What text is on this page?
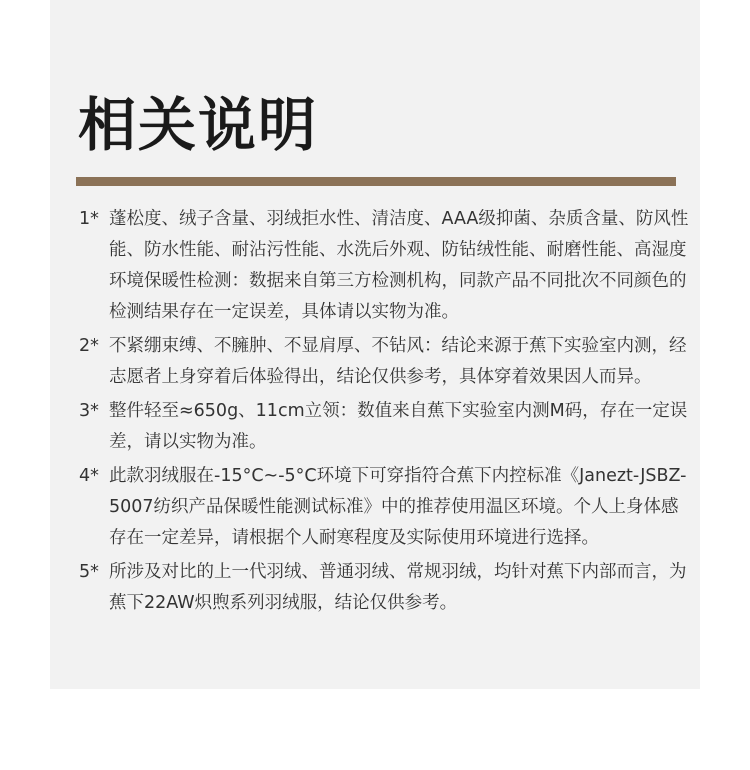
相关说明
1* 蓬松度、绒子含量、羽绒拒水性、清洁度、AAA级抑菌、杂质含量、防风性能、防水性能、耐沾污性能、水洗后外观、防钻绒性能、耐磨性能、高湿度环境保暖性检测：数据来自第三方检测机构，同款产品不同批次不同颜色的检测结果存在一定误差，具体请以实物为准。
2* 不紧绷束缚、不臃肿、不显肩厚、不钻风：结论来源于蕉下实验室内测，经志愿者上身穿着后体验得出，结论仅供参考，具体穿着效果因人而异。
3* 整件轻至≈650g、11cm立领：数值来自蕉下实验室内测M码，存在一定误差，请以实物为准。
4* 此款羽绒服在-15°C~-5°C环境下可穿指符合蕉下内控标准《Janezt-JSBZ-5007纺织产品保暖性能测试标准》中的推荐使用温区环境。个人上身体感存在一定差异，请根据个人耐寒程度及实际使用环境进行选择。
5* 所涉及对比的上一代羽绒、普通羽绒、常规羽绒，均针对蕉下内部而言，为蕉下22AW炽煦系列羽绒服，结论仅供参考。
